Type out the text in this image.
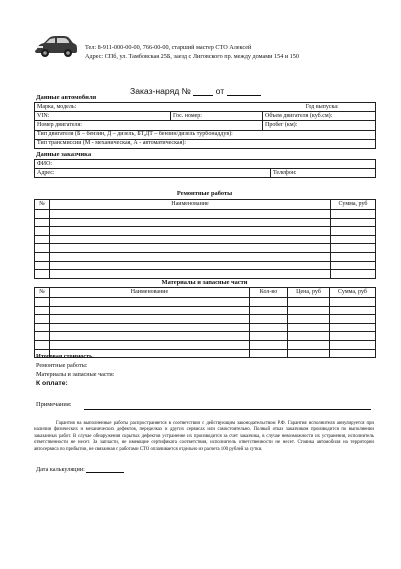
Тел: 8-911-000-00-00, 766-00-00, старший мастер СТО Алексей
Адрес: СПб, ул. Тамбовская 25Б, заезд с Лиговского пр. между домами 154 и 150
Заказ-наряд №	от
Данные автомобиля
Марка, модель:			Год выпуска:
VIN:	Гос. номер:	Объем двигателя (куб.см):	
Номер двигателя:		Пробег (км):	
Тип двигателя (Б – бензин, Д – дизель, БТ,ДТ – бензин/дизель турбонаддув):			
Тип трансмиссии (М - механическая, А - автоматическая):			
Данные заказчика
ФИО:
Адрес:	Телефон:
Ремонтные работы
№	Наименование	Сумма, руб

Материалы и запасные части
№	Наименование	Кол-во	Цена, руб	Сумма, руб

Итоговая стоимость.
Ремонтные работы:
Материалы и запасные части:
К оплате:
Примечания:
Гарантия на выполненные работы распространяется в соответствии с действующим законодательством Р.Ф. Гарантия исполнителя аннулируется при наличии физических и механических дефектов, переделках и других сервисах или самостоятельно. Полный отказ заказчиком производится по выполнении заказанных работ. В случае обнаружения скрытых дефектов устранение их производится за счет заказчика, в случае невозможности их устранения, исполнитель ответственности не несет. За запчасти, не имеющие сертификата соответствия, исполнитель ответственности не несет. Стоянка автомобиля на территории автосервиса по прибытии, не связанная с работами СТО оплачивается отдельно из расчета 100 рублей за сутки.
Дата калькуляции:
